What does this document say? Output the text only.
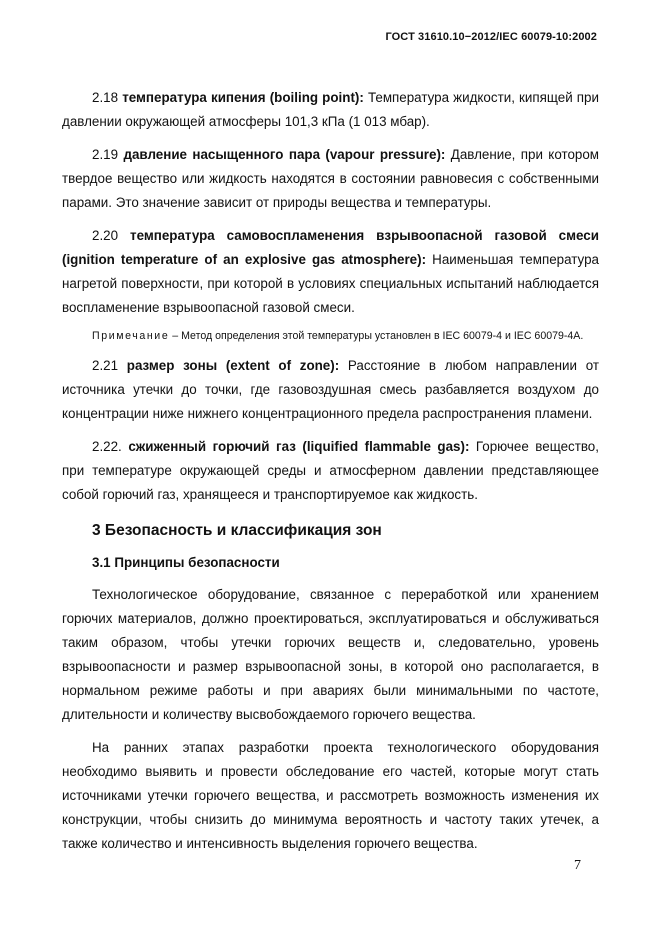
ГОСТ 31610.10−2012/IEC 60079-10:2002

2.18 температура кипения (boiling point): Температура жидкости, кипящей при давлении окружающей атмосферы 101,3 кПа (1 013 мбар).

2.19 давление насыщенного пара (vapour pressure): Давление, при котором твердое вещество или жидкость находятся в состоянии равновесия с собственными парами. Это значение зависит от природы вещества и температуры.

2.20 температура самовоспламенения взрывоопасной газовой смеси (ignition temperature of an explosive gas atmosphere): Наименьшая температура нагретой поверхности, при которой в условиях специальных испытаний наблюдается воспламенение взрывоопасной газовой смеси.

Примечание – Метод определения этой температуры установлен в IEC 60079-4 и IEC 60079-4A.

2.21 размер зоны (extent of zone): Расстояние в любом направлении от источника утечки до точки, где газовоздушная смесь разбавляется воздухом до концентрации ниже нижнего концентрационного предела распространения пламени.

2.22. сжиженный горючий газ (liquified flammable gas): Горючее вещество, при температуре окружающей среды и атмосферном давлении представляющее собой горючий газ, хранящееся и транспортируемое как жидкость.

3 Безопасность и классификация зон
3.1 Принципы безопасности

Технологическое оборудование, связанное с переработкой или хранением горючих материалов, должно проектироваться, эксплуатироваться и обслуживаться таким образом, чтобы утечки горючих веществ и, следовательно, уровень взрывоопасности и размер взрывоопасной зоны, в которой оно располагается, в нормальном режиме работы и при авариях были минимальными по частоте, длительности и количеству высвобождаемого горючего вещества.

На ранних этапах разработки проекта технологического оборудования необходимо выявить и провести обследование его частей, которые могут стать источниками утечки горючего вещества, и рассмотреть возможность изменения их конструкции, чтобы снизить до минимума вероятность и частоту таких утечек, а также количество и интенсивность выделения горючего вещества.

7
